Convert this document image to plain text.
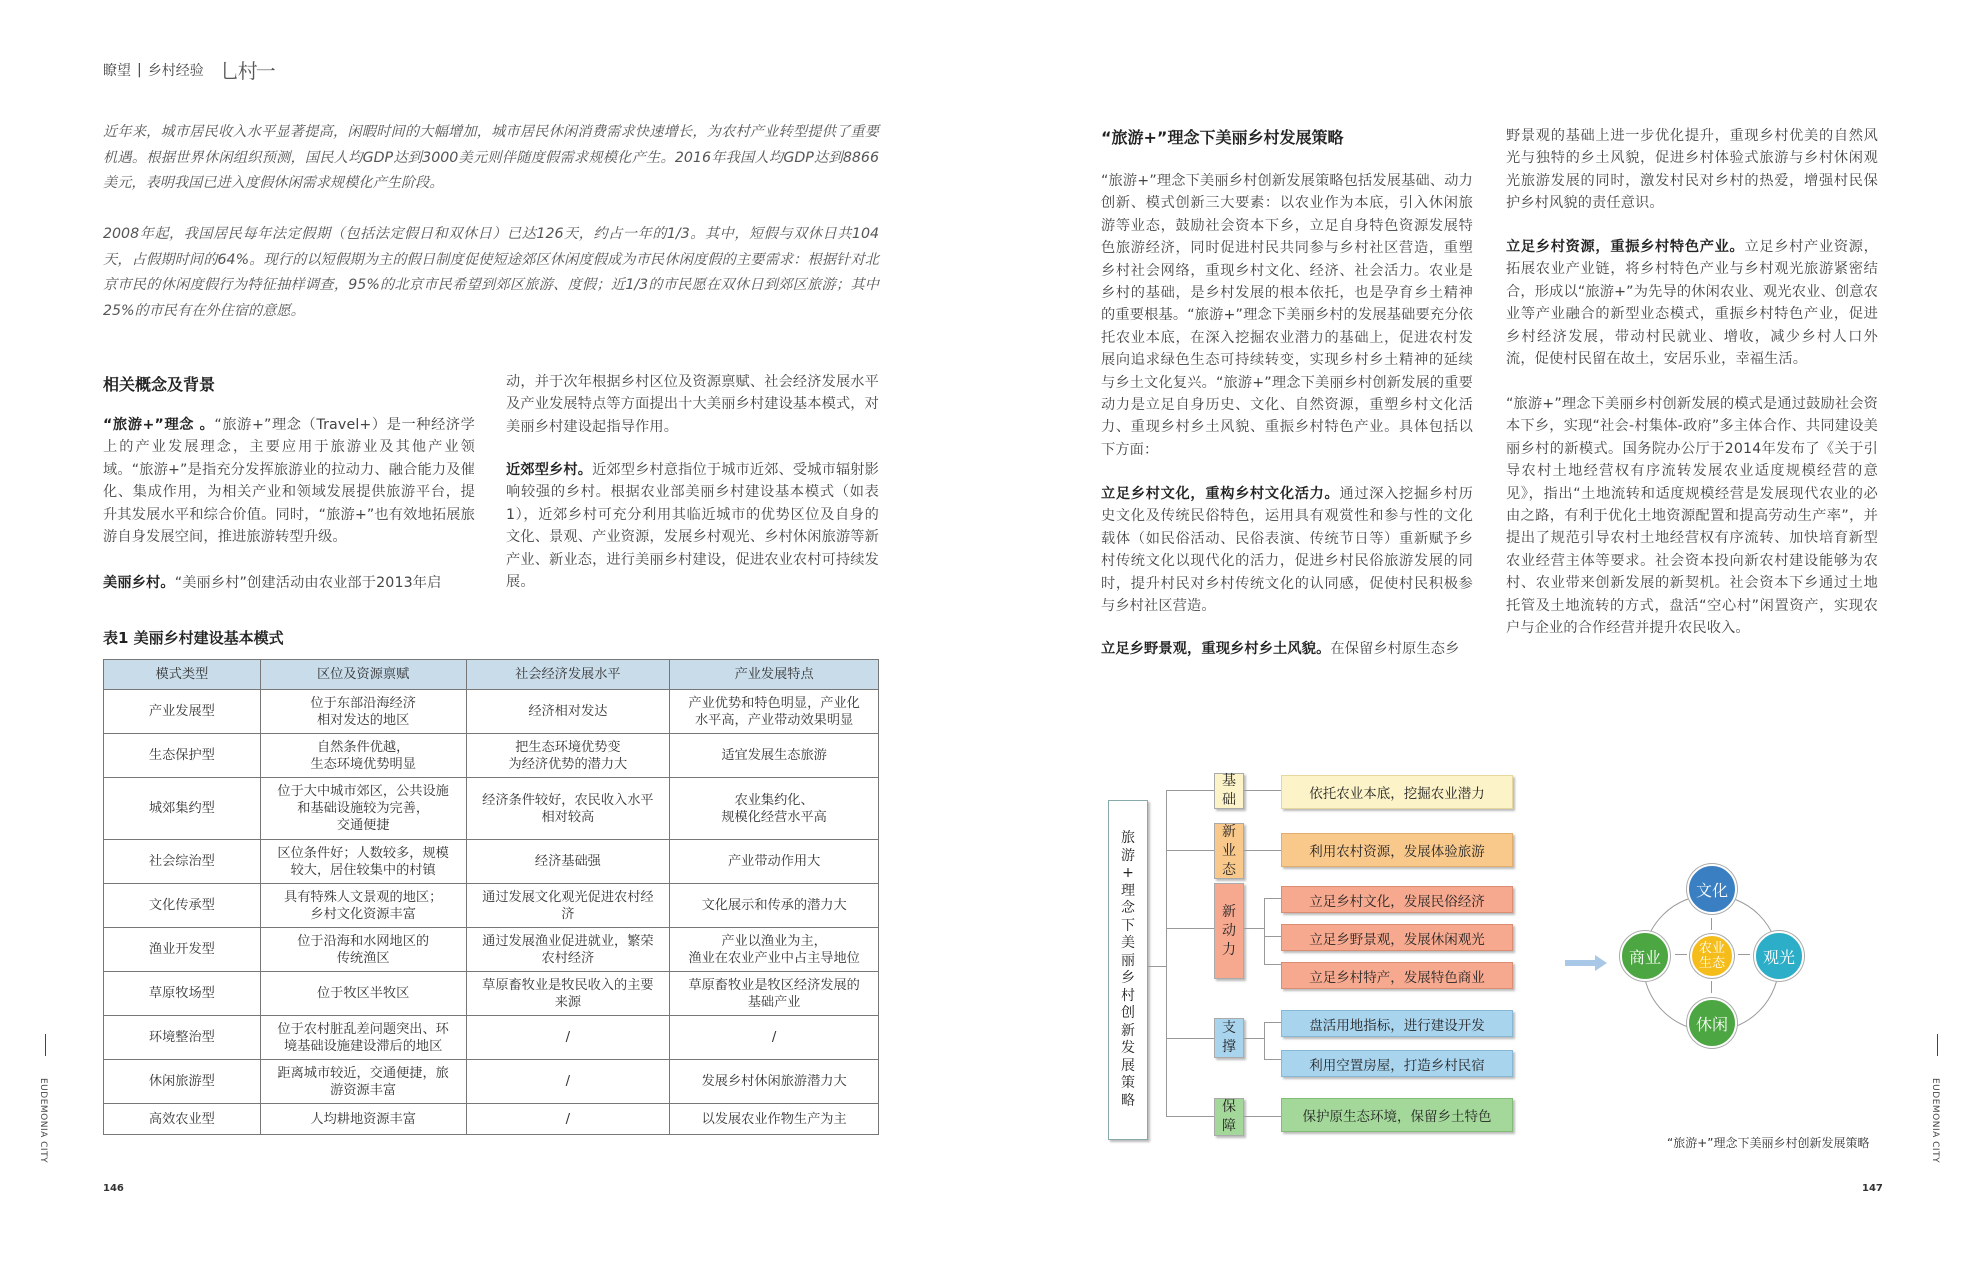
瞭望 | 乡村经验 乚村一
近年来，城市居民收入水平显著提高，闲暇时间的大幅增加，城市居民休闲消费需求快速增长，为农村产业转型提供了重要机遇。根据世界休闲组织预测，国民人均GDP达到3000美元则伴随度假需求规模化产生。2016年我国人均GDP达到8866美元，表明我国已进入度假休闲需求规模化产生阶段。
2008年起，我国居民每年法定假期（包括法定假日和双休日）已达126天，约占一年的1/3。其中，短假与双休日共104天，占假期时间的64%。现行的以短假期为主的假日制度促使短途郊区休闲度假成为市民休闲度假的主要需求：根据针对北京市民的休闲度假行为特征抽样调查，95%的北京市民希望到郊区旅游、度假；近1/3的市民愿在双休日到郊区旅游；其中25%的市民有在外住宿的意愿。
相关概念及背景
“旅游+”理念 。“旅游+”理念（Travel+）是一种经济学上的产业发展理念，主要应用于旅游业及其他产业领域。“旅游+”是指充分发挥旅游业的拉动力、融合能力及催化、集成作用，为相关产业和领域发展提供旅游平台，提升其发展水平和综合价值。同时，“旅游+”也有效地拓展旅游自身发展空间，推进旅游转型升级。
美丽乡村。“美丽乡村”创建活动由农业部于2013年启
动，并于次年根据乡村区位及资源禀赋、社会经济发展水平及产业发展特点等方面提出十大美丽乡村建设基本模式，对美丽乡村建设起指导作用。
近郊型乡村。近郊型乡村意指位于城市近郊、受城市辐射影响较强的乡村。根据农业部美丽乡村建设基本模式（如表1），近郊乡村可充分利用其临近城市的优势区位及自身的文化、景观、产业资源，发展乡村观光、乡村休闲旅游等新产业、新业态，进行美丽乡村建设，促进农业农村可持续发展。
表1 美丽乡村建设基本模式
模式类型	区位及资源禀赋	社会经济发展水平	产业发展特点
产业发展型	位于东部沿海经济
相对发达的地区	经济相对发达	产业优势和特色明显，产业化
水平高，产业带动效果明显
生态保护型	自然条件优越，
生态环境优势明显	把生态环境优势变
为经济优势的潜力大	适宜发展生态旅游
城郊集约型	位于大中城市郊区，公共设施
和基础设施较为完善，
交通便捷	经济条件较好，农民收入水平
相对较高	农业集约化、
规模化经营水平高
社会综治型	区位条件好；人数较多，规模
较大，居住较集中的村镇	经济基础强	产业带动作用大
文化传承型	具有特殊人文景观的地区；
乡村文化资源丰富	通过发展文化观光促进农村经
济	文化展示和传承的潜力大
渔业开发型	位于沿海和水网地区的
传统渔区	通过发展渔业促进就业，繁荣
农村经济	产业以渔业为主，
渔业在农业产业中占主导地位
草原牧场型	位于牧区半牧区	草原畜牧业是牧民收入的主要
来源	草原畜牧业是牧区经济发展的
基础产业
环境整治型	位于农村脏乱差问题突出、环
境基础设施建设滞后的地区	/	/
休闲旅游型	距离城市较近，交通便捷，旅
游资源丰富	/	发展乡村休闲旅游潜力大
高效农业型	人均耕地资源丰富	/	以发展农业作物生产为主
EUDEMONIA CITY
146
“旅游+”理念下美丽乡村发展策略
“旅游+”理念下美丽乡村创新发展策略包括发展基础、动力创新、模式创新三大要素：以农业作为本底，引入休闲旅游等业态，鼓励社会资本下乡，立足自身特色资源发展特色旅游经济，同时促进村民共同参与乡村社区营造，重塑乡村社会网络，重现乡村文化、经济、社会活力。农业是乡村的基础，是乡村发展的根本依托，也是孕育乡土精神的重要根基。“旅游+”理念下美丽乡村的发展基础要充分依托农业本底，在深入挖掘农业潜力的基础上，促进农村发展向追求绿色生态可持续转变，实现乡村乡土精神的延续与乡土文化复兴。“旅游+”理念下美丽乡村创新发展的重要动力是立足自身历史、文化、自然资源，重塑乡村文化活力、重现乡村乡土风貌、重振乡村特色产业。具体包括以下方面：
立足乡村文化，重构乡村文化活力。通过深入挖掘乡村历史文化及传统民俗特色，运用具有观赏性和参与性的文化载体（如民俗活动、民俗表演、传统节日等）重新赋予乡村传统文化以现代化的活力，促进乡村民俗旅游发展的同时，提升村民对乡村传统文化的认同感，促使村民积极参与乡村社区营造。
立足乡野景观，重现乡村乡土风貌。在保留乡村原生态乡
野景观的基础上进一步优化提升，重现乡村优美的自然风光与独特的乡土风貌，促进乡村体验式旅游与乡村休闲观光旅游发展的同时，激发村民对乡村的热爱，增强村民保护乡村风貌的责任意识。
立足乡村资源，重振乡村特色产业。立足乡村产业资源，拓展农业产业链，将乡村特色产业与乡村观光旅游紧密结合，形成以“旅游+”为先导的休闲农业、观光农业、创意农业等产业融合的新型业态模式，重振乡村特色产业，促进乡村经济发展，带动村民就业、增收，减少乡村人口外流，促使村民留在故土，安居乐业，幸福生活。
“旅游+”理念下美丽乡村创新发展的模式是通过鼓励社会资本下乡，实现“社会-村集体-政府”多主体合作、共同建设美丽乡村的新模式。国务院办公厅于2014年发布了《关于引导农村土地经营权有序流转发展农业适度规模经营的意见》，指出“土地流转和适度规模经营是发展现代农业的必由之路，有利于优化土地资源配置和提高劳动生产率”，并提出了规范引导农村土地经营权有序流转、加快培育新型农业经营主体等要求。社会资本投向新农村建设能够为农村、农业带来创新发展的新契机。社会资本下乡通过土地托管及土地流转的方式，盘活“空心村”闲置资产，实现农户与企业的合作经营并提升农民收入。
旅
游
+
理
念
下
美
丽
乡
村
创
新
发
展
策
略
基
础
新
业
态
新
动
力
支
撑
保
障
依托农业本底，挖掘农业潜力
利用农村资源，发展体验旅游
立足乡村文化，发展民俗经济
立足乡野景观，发展休闲观光
立足乡村特产，发展特色商业
盘活用地指标，进行建设开发
利用空置房屋，打造乡村民宿
保护原生态环境，保留乡土特色
文化
商业	观光
休闲
农业
生态
“旅游+”理念下美丽乡村创新发展策略	EUDEMONIA CITY
147
